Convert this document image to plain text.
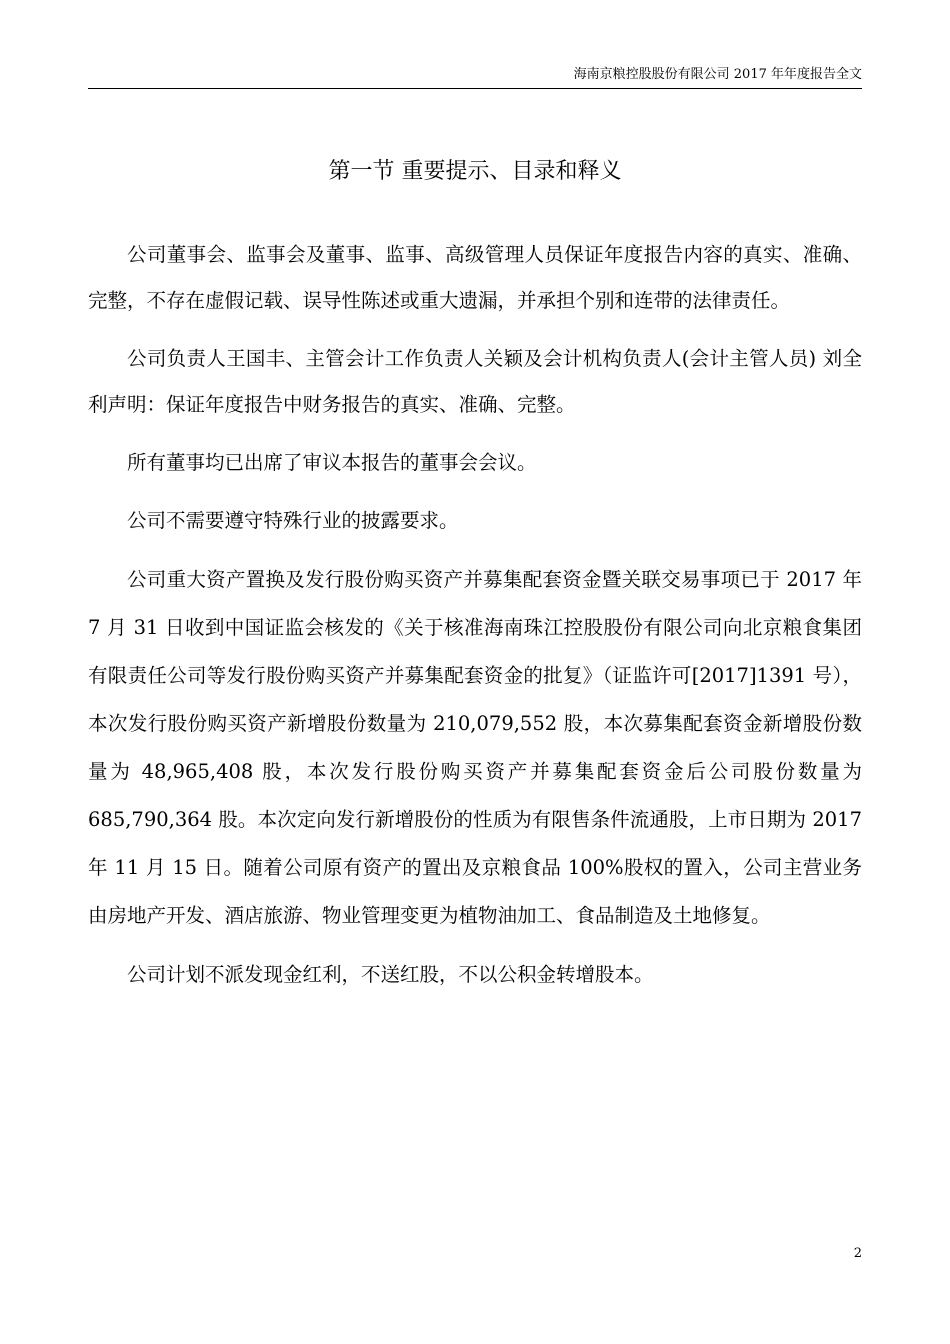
海南京粮控股股份有限公司 2017 年年度报告全文
第一节 重要提示、目录和释义

公司董事会、监事会及董事、监事、高级管理人员保证年度报告内容的真实、准确、完整，不存在虚假记载、误导性陈述或重大遗漏，并承担个别和连带的法律责任。

公司负责人王国丰、主管会计工作负责人关颖及会计机构负责人(会计主管人员) 刘全利声明：保证年度报告中财务报告的真实、准确、完整。

所有董事均已出席了审议本报告的董事会会议。

公司不需要遵守特殊行业的披露要求。

公司重大资产置换及发行股份购买资产并募集配套资金暨关联交易事项已于 2017 年 7 月 31 日收到中国证监会核发的《关于核准海南珠江控股股份有限公司向北京粮食集团有限责任公司等发行股份购买资产并募集配套资金的批复》（证监许可[2017]1391 号），本次发行股份购买资产新增股份数量为 210,079,552 股，本次募集配套资金新增股份数量为 48,965,408 股，本次发行股份购买资产并募集配套资金后公司股份数量为 685,790,364 股。本次定向发行新增股份的性质为有限售条件流通股，上市日期为 2017 年 11 月 15 日。随着公司原有资产的置出及京粮食品 100%股权的置入，公司主营业务由房地产开发、酒店旅游、物业管理变更为植物油加工、食品制造及土地修复。

公司计划不派发现金红利，不送红股，不以公积金转增股本。

2
